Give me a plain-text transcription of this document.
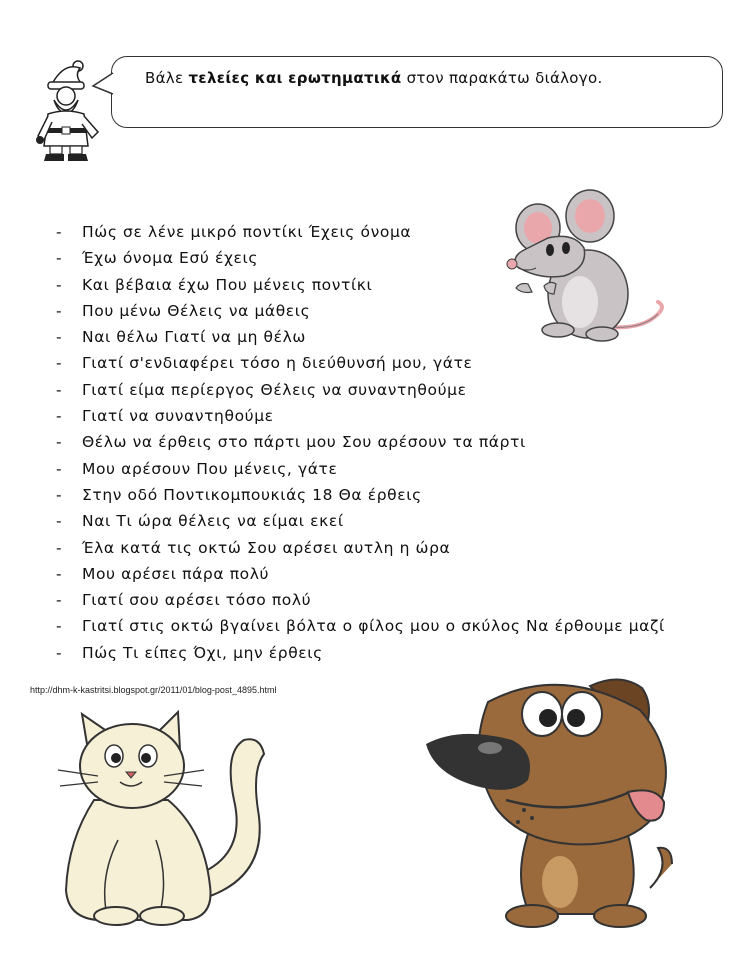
Βάλε τελείες και ερωτηματικά στον παρακάτω διάλογο.
- Πώς σε λένε μικρό ποντίκι Έχεις όνομα
- Έχω όνομα Εσύ έχεις
- Και βέβαια έχω Που μένεις ποντίκι
- Που μένω Θέλεις να μάθεις
- Ναι θέλω Γιατί να μη θέλω
- Γιατί σ'ενδιαφέρει τόσο η διεύθυνσή μου, γάτε
- Γιατί είμα περίεργος Θέλεις να συναντηθούμε
- Γιατί να συναντηθούμε
- Θέλω να έρθεις στο πάρτι μου Σου αρέσουν τα πάρτι
- Μου αρέσουν Που μένεις, γάτε
- Στην οδό Ποντικομπουκιάς 18 Θα έρθεις
- Ναι Τι ώρα θέλεις να είμαι εκεί
- Έλα κατά τις οκτώ Σου αρέσει αυτλη η ώρα
- Μου αρέσει πάρα πολύ
- Γιατί σου αρέσει τόσο πολύ
- Γιατί στις οκτώ βγαίνει βόλτα ο φίλος μου ο σκύλος Να έρθουμε μαζί
- Πώς Τι είπες Όχι, μην έρθεις
http://dhm-k-kastritsi.blogspot.gr/2011/01/blog-post_4895.html
